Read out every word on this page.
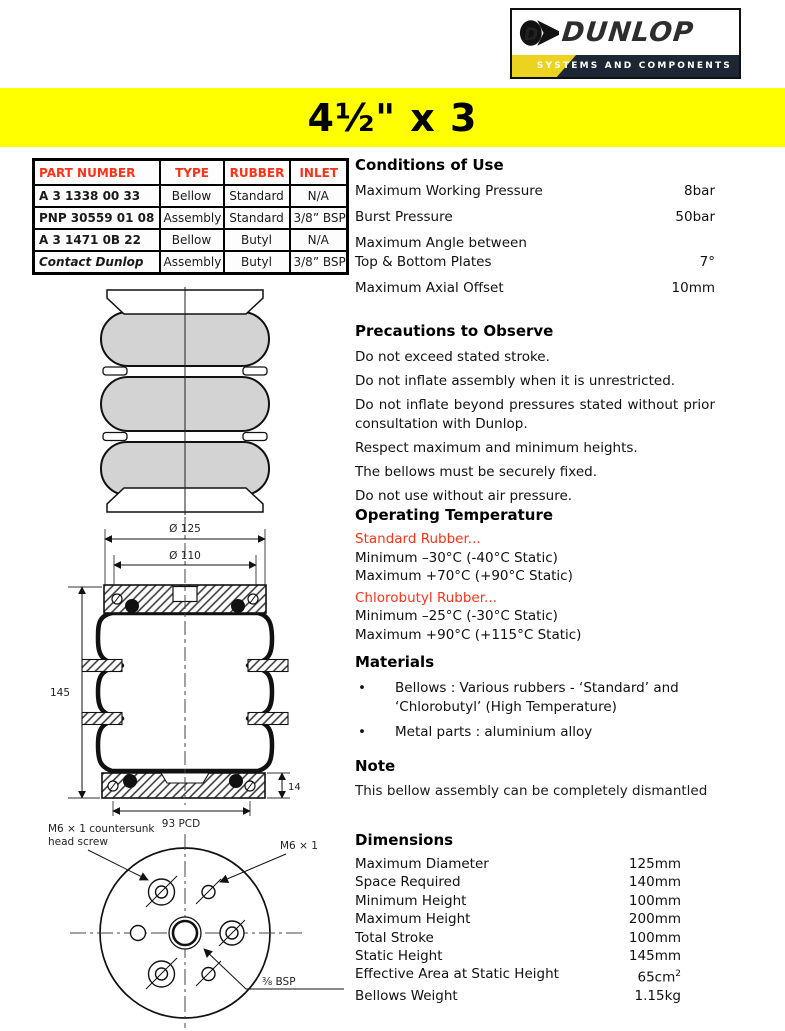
D DUNLOP
SYSTEMS AND COMPONENTS
4½" x 3
PART NUMBER	TYPE	RUBBER	INLET
A 3 1338 00 33	Bellow	Standard	N/A
PNP 30559 01 08	Assembly	Standard	3/8” BSP
A 3 1471 0B 22	Bellow	Butyl	N/A
Contact Dunlop	Assembly	Butyl	3/8” BSP
Conditions of Use
Maximum Working Pressure	8bar
Burst Pressure	50bar
Maximum Angle between
Top & Bottom Plates	7°
Maximum Axial Offset	10mm
Precautions to Observe

Do not exceed stated stroke.

Do not inflate assembly when it is unrestricted.

Do not inflate beyond pressures stated without prior consultation with Dunlop.

Respect maximum and minimum heights.

The bellows must be securely fixed.

Do not use without air pressure.

Operating Temperature

Standard Rubber...

Minimum –30°C (-40°C Static)

Maximum +70°C (+90°C Static)

Chlorobutyl Rubber...

Minimum –25°C (-30°C Static)

Maximum +90°C (+115°C Static)

Materials
•	Bellows : Various rubbers - ‘Standard’ and ‘Chlorobutyl’ (High Temperature)
•	Metal parts : aluminium alloy
Note

This bellow assembly can be completely dismantled

Dimensions
Maximum Diameter	125mm
Space Required	140mm
Minimum Height	100mm
Maximum Height	200mm
Total Stroke	100mm
Static Height	145mm
Effective Area at Static Height	$65cm^2$
Bellows Weight	1.15kg
Ø 125
Ø 110
145
14
93 PCD
M6 × 1 countersunk
head screw	M6 × 1
⅜ BSP
